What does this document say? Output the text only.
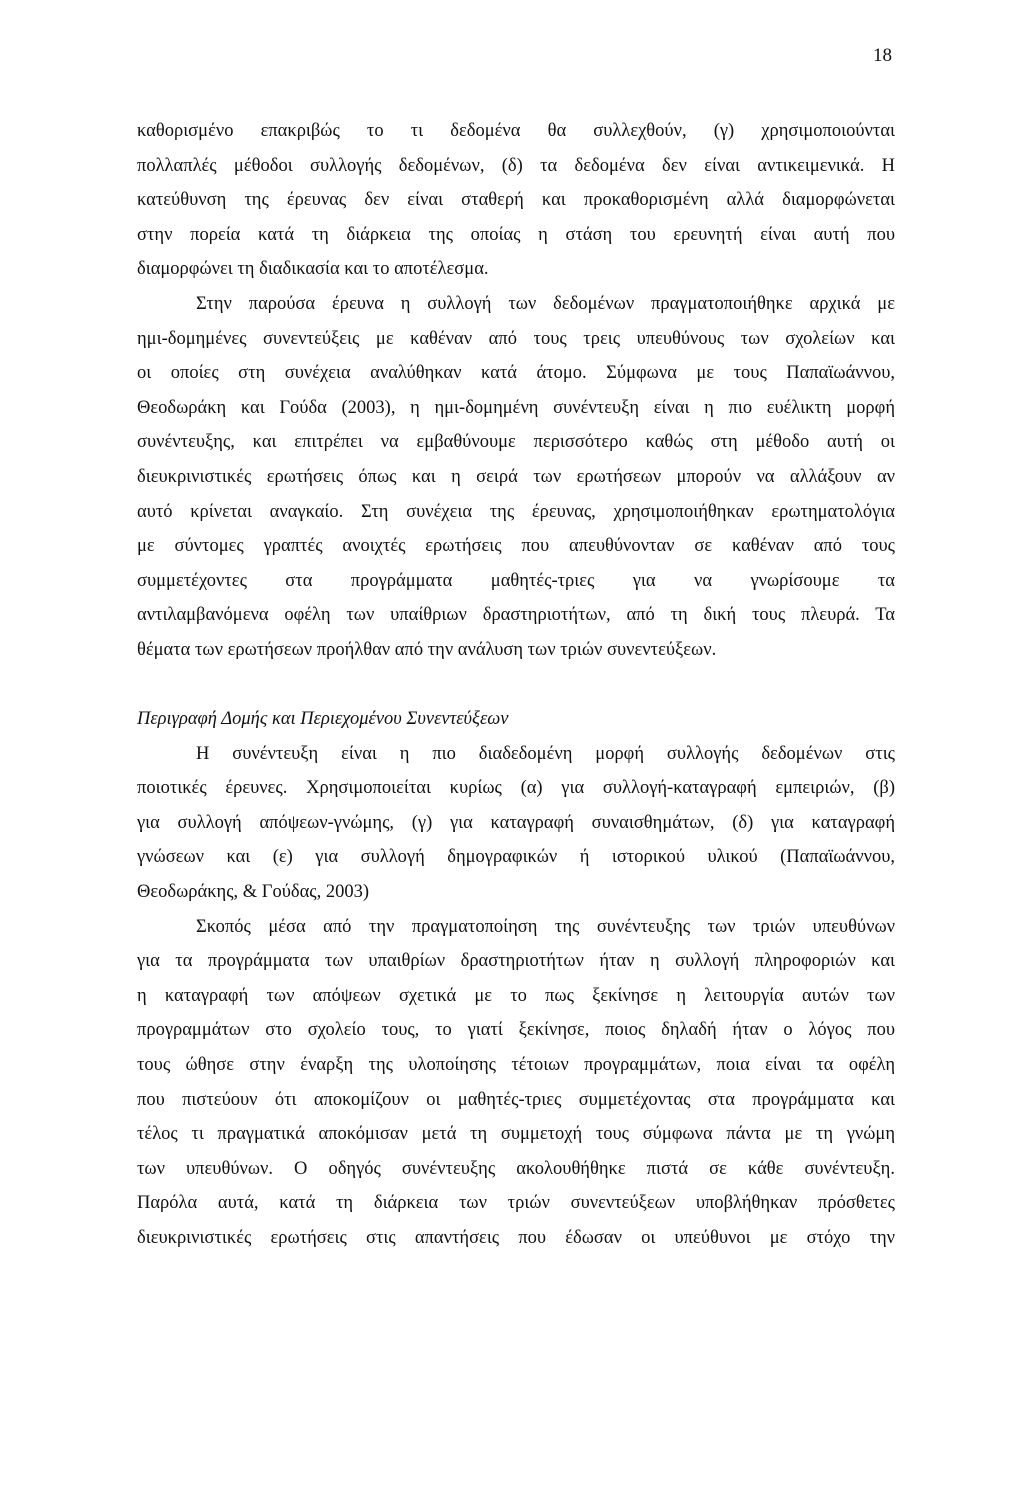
18

καθορισμένο επακριβώς το τι δεδομένα θα συλλεχθούν, (γ) χρησιμοποιούνται
πολλαπλές μέθοδοι συλλογής δεδομένων, (δ) τα δεδομένα δεν είναι αντικειμενικά. Η
κατεύθυνση της έρευνας δεν είναι σταθερή και προκαθορισμένη αλλά διαμορφώνεται
στην πορεία κατά τη διάρκεια της οποίας η στάση του ερευνητή είναι αυτή που
διαμορφώνει τη διαδικασία και το αποτέλεσμα.

Στην παρούσα έρευνα η συλλογή των δεδομένων πραγματοποιήθηκε αρχικά με
ημι-δομημένες συνεντεύξεις με καθέναν από τους τρεις υπευθύνους των σχολείων και
οι οποίες στη συνέχεια αναλύθηκαν κατά άτομο. Σύμφωνα με τους Παπαϊωάννου,
Θεοδωράκη και Γούδα (2003), η ημι-δομημένη συνέντευξη είναι η πιο ευέλικτη μορφή
συνέντευξης, και επιτρέπει να εμβαθύνουμε περισσότερο καθώς στη μέθοδο αυτή οι
διευκρινιστικές ερωτήσεις όπως και η σειρά των ερωτήσεων μπορούν να αλλάξουν αν
αυτό κρίνεται αναγκαίο. Στη συνέχεια της έρευνας, χρησιμοποιήθηκαν ερωτηματολόγια
με σύντομες γραπτές ανοιχτές ερωτήσεις που απευθύνονταν σε καθέναν από τους
συμμετέχοντες στα προγράμματα μαθητές-τριες για να γνωρίσουμε τα
αντιλαμβανόμενα οφέλη των υπαίθριων δραστηριοτήτων, από τη δική τους πλευρά. Τα
θέματα των ερωτήσεων προήλθαν από την ανάλυση των τριών συνεντεύξεων.

Περιγραφή Δομής και Περιεχομένου Συνεντεύξεων

Η συνέντευξη είναι η πιο διαδεδομένη μορφή συλλογής δεδομένων στις
ποιοτικές έρευνες. Χρησιμοποιείται κυρίως (α) για συλλογή-καταγραφή εμπειριών, (β)
για συλλογή απόψεων-γνώμης, (γ) για καταγραφή συναισθημάτων, (δ) για καταγραφή
γνώσεων και (ε) για συλλογή δημογραφικών ή ιστορικού υλικού (Παπαϊωάννου,
Θεοδωράκης, & Γούδας, 2003)

Σκοπός μέσα από την πραγματοποίηση της συνέντευξης των τριών υπευθύνων
για τα προγράμματα των υπαιθρίων δραστηριοτήτων ήταν η συλλογή πληροφοριών και
η καταγραφή των απόψεων σχετικά με το πως ξεκίνησε η λειτουργία αυτών των
προγραμμάτων στο σχολείο τους, το γιατί ξεκίνησε, ποιος δηλαδή ήταν ο λόγος που
τους ώθησε στην έναρξη της υλοποίησης τέτοιων προγραμμάτων, ποια είναι τα οφέλη
που πιστεύουν ότι αποκομίζουν οι μαθητές-τριες συμμετέχοντας στα προγράμματα και
τέλος τι πραγματικά αποκόμισαν μετά τη συμμετοχή τους σύμφωνα πάντα με τη γνώμη
των υπευθύνων. Ο οδηγός συνέντευξης ακολουθήθηκε πιστά σε κάθε συνέντευξη.
Παρόλα αυτά, κατά τη διάρκεια των τριών συνεντεύξεων υποβλήθηκαν πρόσθετες
διευκρινιστικές ερωτήσεις στις απαντήσεις που έδωσαν οι υπεύθυνοι με στόχο την
